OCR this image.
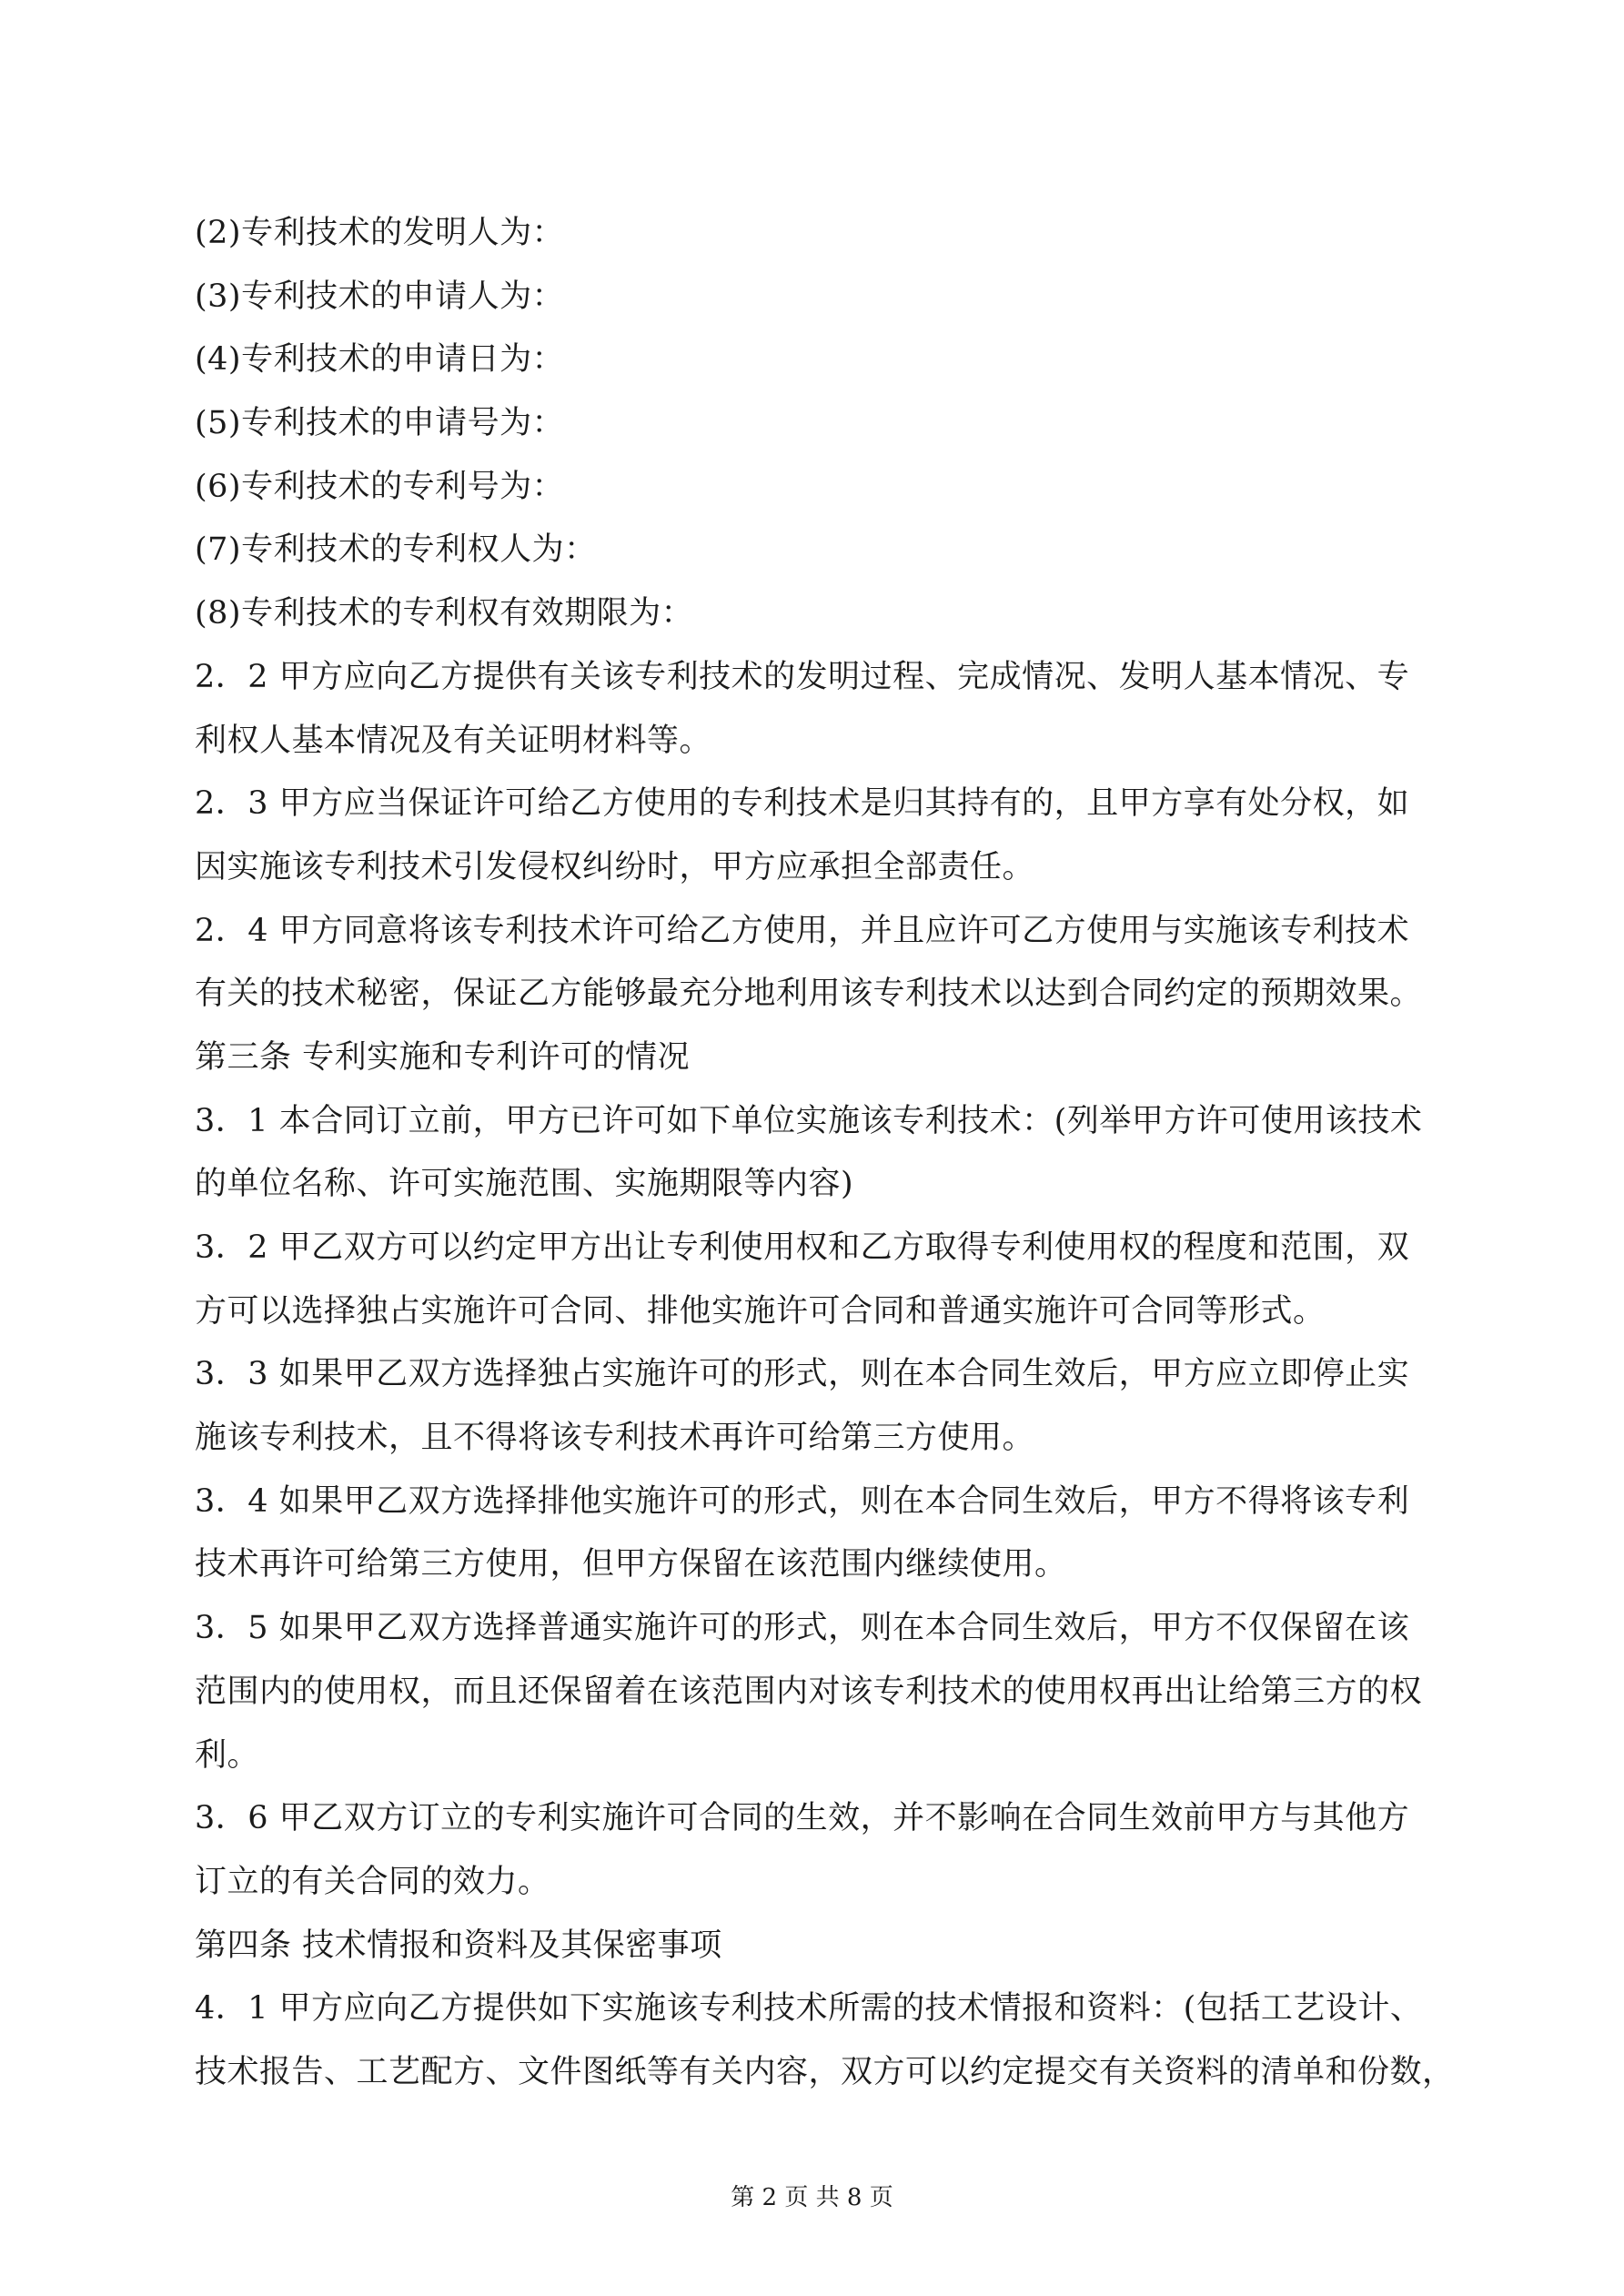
(2)专利技术的发明人为：
(3)专利技术的申请人为：
(4)专利技术的申请日为：
(5)专利技术的申请号为：
(6)专利技术的专利号为：
(7)专利技术的专利权人为：
(8)专利技术的专利权有效期限为：
2．2 甲方应向乙方提供有关该专利技术的发明过程、完成情况、发明人基本情况、专
利权人基本情况及有关证明材料等。
2．3 甲方应当保证许可给乙方使用的专利技术是归其持有的，且甲方享有处分权，如
因实施该专利技术引发侵权纠纷时，甲方应承担全部责任。
2．4 甲方同意将该专利技术许可给乙方使用，并且应许可乙方使用与实施该专利技术
有关的技术秘密，保证乙方能够最充分地利用该专利技术以达到合同约定的预期效果。
第三条 专利实施和专利许可的情况
3．1 本合同订立前，甲方已许可如下单位实施该专利技术：(列举甲方许可使用该技术
的单位名称、许可实施范围、实施期限等内容)
3．2 甲乙双方可以约定甲方出让专利使用权和乙方取得专利使用权的程度和范围，双
方可以选择独占实施许可合同、排他实施许可合同和普通实施许可合同等形式。
3．3 如果甲乙双方选择独占实施许可的形式，则在本合同生效后，甲方应立即停止实
施该专利技术，且不得将该专利技术再许可给第三方使用。
3．4 如果甲乙双方选择排他实施许可的形式，则在本合同生效后，甲方不得将该专利
技术再许可给第三方使用，但甲方保留在该范围内继续使用。
3．5 如果甲乙双方选择普通实施许可的形式，则在本合同生效后，甲方不仅保留在该
范围内的使用权，而且还保留着在该范围内对该专利技术的使用权再出让给第三方的权
利。
3．6 甲乙双方订立的专利实施许可合同的生效，并不影响在合同生效前甲方与其他方
订立的有关合同的效力。
第四条 技术情报和资料及其保密事项
4．1 甲方应向乙方提供如下实施该专利技术所需的技术情报和资料：(包括工艺设计、
技术报告、工艺配方、文件图纸等有关内容，双方可以约定提交有关资料的清单和份数，
第 2 页 共 8 页
